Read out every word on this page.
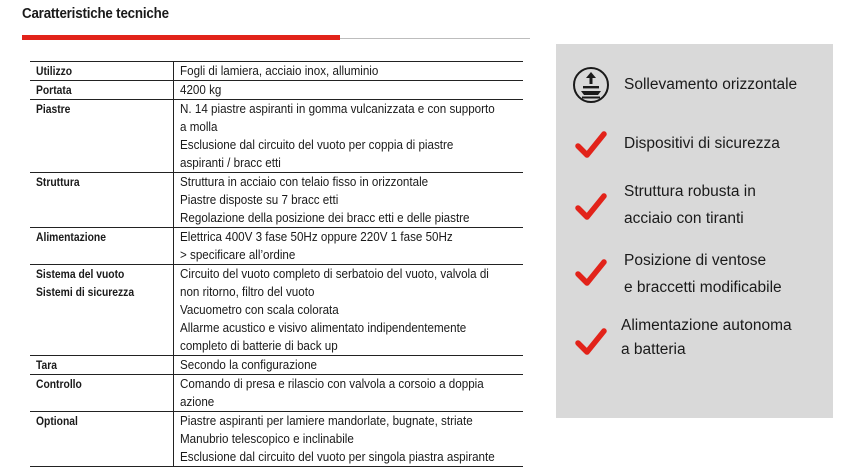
Caratteristiche tecniche
Utilizzo	Fogli di lamiera, acciaio inox, alluminio

Portata	4200 kg

Piastre	N. 14 piastre aspiranti in gomma vulcanizzata e con supporto
a molla
Esclusione dal circuito del vuoto per coppia di piastre
aspiranti / bracc etti

Struttura	Struttura in acciaio con telaio fisso in orizzontale
Piastre disposte su 7 bracc etti
Regolazione della posizione dei bracc etti e delle piastre

Alimentazione	Elettrica 400V 3 fase 50Hz oppure 220V 1 fase 50Hz
> specificare all’ordine

Sistema del vuoto
Sistemi di sicurezza	Circuito del vuoto completo di serbatoio del vuoto, valvola di
non ritorno, filtro del vuoto
Vacuometro con scala colorata
Allarme acustico e visivo alimentato indipendentemente
completo di batterie di back up

Tara	Secondo la configurazione

Controllo	Comando di presa e rilascio con valvola a corsoio a doppia
azione

Optional	Piastre aspiranti per lamiere mandorlate, bugnate, striate
Manubrio telescopico e inclinabile
Esclusione dal circuito del vuoto per singola piastra aspirante
Sollevamento orizzontale
Dispositivi di sicurezza
Struttura robusta in
acciaio con tiranti
Posizione di ventose
e braccetti modificabile
Alimentazione autonoma
a batteria
